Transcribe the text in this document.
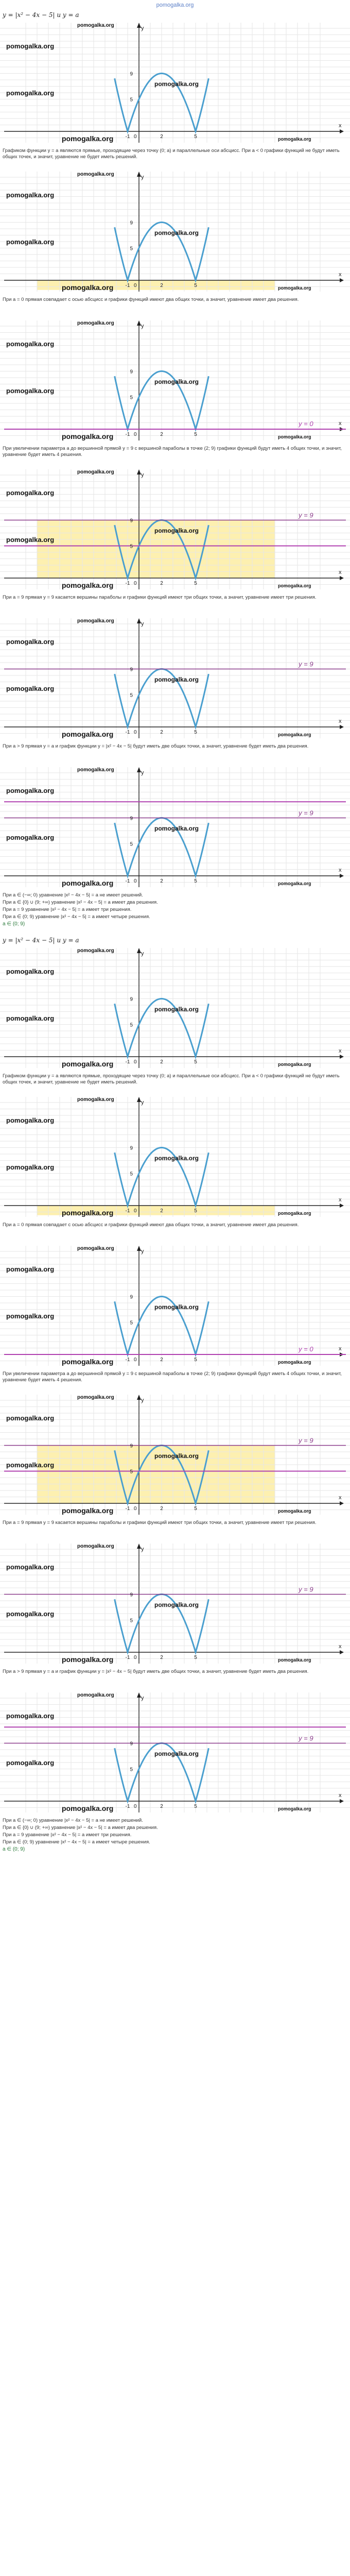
pomogalka.org
y = |x² − 4x − 5| и y = a
y
x
0
-1	2	5
9
5
pomogalka.org
pomogalka.org
pomogalka.org
pomogalka.org
pomogalka.org	pomogalka.org
Графиком функции y = a являются прямые, проходящие через точку (0; a) и параллельные оси абсцисс. При a < 0 графики функций не будут иметь общих точек, и значит, уравнение не будет иметь решений.
y
x
0
-1	2	5
9
5
pomogalka.org
pomogalka.org
pomogalka.org
pomogalka.org
pomogalka.org	pomogalka.org
При a = 0 прямая совпадает с осью абсцисс и графики функций имеют два общих точки, а значит, уравнение имеет два решения.
y = 0
y
x
0
-1	2	5
9
5
pomogalka.org
pomogalka.org
pomogalka.org
pomogalka.org
pomogalka.org	pomogalka.org
При увеличении параметра a до вершинной прямой y = 9 с вершиной параболы в точке (2; 9) графики функций будут иметь 4 общих точки, и значит, уравнение будет иметь 4 решения.
y = 9
y
x
0
-1	2	5
9
5
pomogalka.org
pomogalka.org
pomogalka.org
pomogalka.org
pomogalka.org	pomogalka.org
При a = 9 прямая y = 9 касается вершины параболы и графики функций имеют три общих точки, а значит, уравнение имеет три решения.
y = 9
y
x
0
-1	2	5
9
5
pomogalka.org
pomogalka.org
pomogalka.org
pomogalka.org
pomogalka.org	pomogalka.org
При a > 9 прямая y = a и график функции y = |x² − 4x − 5| будут иметь две общих точки, а значит, уравнение будет иметь два решения.
y = 9
y
x
0
-1	2	5
9
5
pomogalka.org
pomogalka.org
pomogalka.org
pomogalka.org
pomogalka.org	pomogalka.org
При a ∈ (−∞; 0) уравнение |x² − 4x − 5| = a не имеет решений.
При a ∈ {0} ∪ (9; +∞) уравнение |x² − 4x − 5| = a имеет два решения.
При a = 9 уравнение |x² − 4x − 5| = a имеет три решения.
При a ∈ (0; 9) уравнение |x² − 4x − 5| = a имеет четыре решения.
a ∈ (0; 9)
y = |x² − 4x − 5| и y = a
y
x
0
-1	2	5
9
5
pomogalka.org
pomogalka.org
pomogalka.org
pomogalka.org
pomogalka.org	pomogalka.org
Графиком функции y = a являются прямые, проходящие через точку (0; a) и параллельные оси абсцисс. При a < 0 графики функций не будут иметь общих точек, и значит, уравнение не будет иметь решений.
y
x
0
-1	2	5
9
5
pomogalka.org
pomogalka.org
pomogalka.org
pomogalka.org
pomogalka.org	pomogalka.org
При a = 0 прямая совпадает с осью абсцисс и графики функций имеют два общих точки, а значит, уравнение имеет два решения.
y = 0
y
x
0
-1	2	5
9
5
pomogalka.org
pomogalka.org
pomogalka.org
pomogalka.org
pomogalka.org	pomogalka.org
При увеличении параметра a до вершинной прямой y = 9 с вершиной параболы в точке (2; 9) графики функций будут иметь 4 общих точки, и значит, уравнение будет иметь 4 решения.
y = 9
y
x
0
-1	2	5
9
5
pomogalka.org
pomogalka.org
pomogalka.org
pomogalka.org
pomogalka.org	pomogalka.org
При a = 9 прямая y = 9 касается вершины параболы и графики функций имеют три общих точки, а значит, уравнение имеет три решения.
y = 9
y
x
0
-1	2	5
9
5
pomogalka.org
pomogalka.org
pomogalka.org
pomogalka.org
pomogalka.org	pomogalka.org
При a > 9 прямая y = a и график функции y = |x² − 4x − 5| будут иметь две общих точки, а значит, уравнение будет иметь два решения.
y = 9
y
x
0
-1	2	5
9
5
pomogalka.org
pomogalka.org
pomogalka.org
pomogalka.org
pomogalka.org	pomogalka.org
При a ∈ (−∞; 0) уравнение |x² − 4x − 5| = a не имеет решений.
При a ∈ {0} ∪ (9; +∞) уравнение |x² − 4x − 5| = a имеет два решения.
При a = 9 уравнение |x² − 4x − 5| = a имеет три решения.
При a ∈ (0; 9) уравнение |x² − 4x − 5| = a имеет четыре решения.
a ∈ (0; 9)
